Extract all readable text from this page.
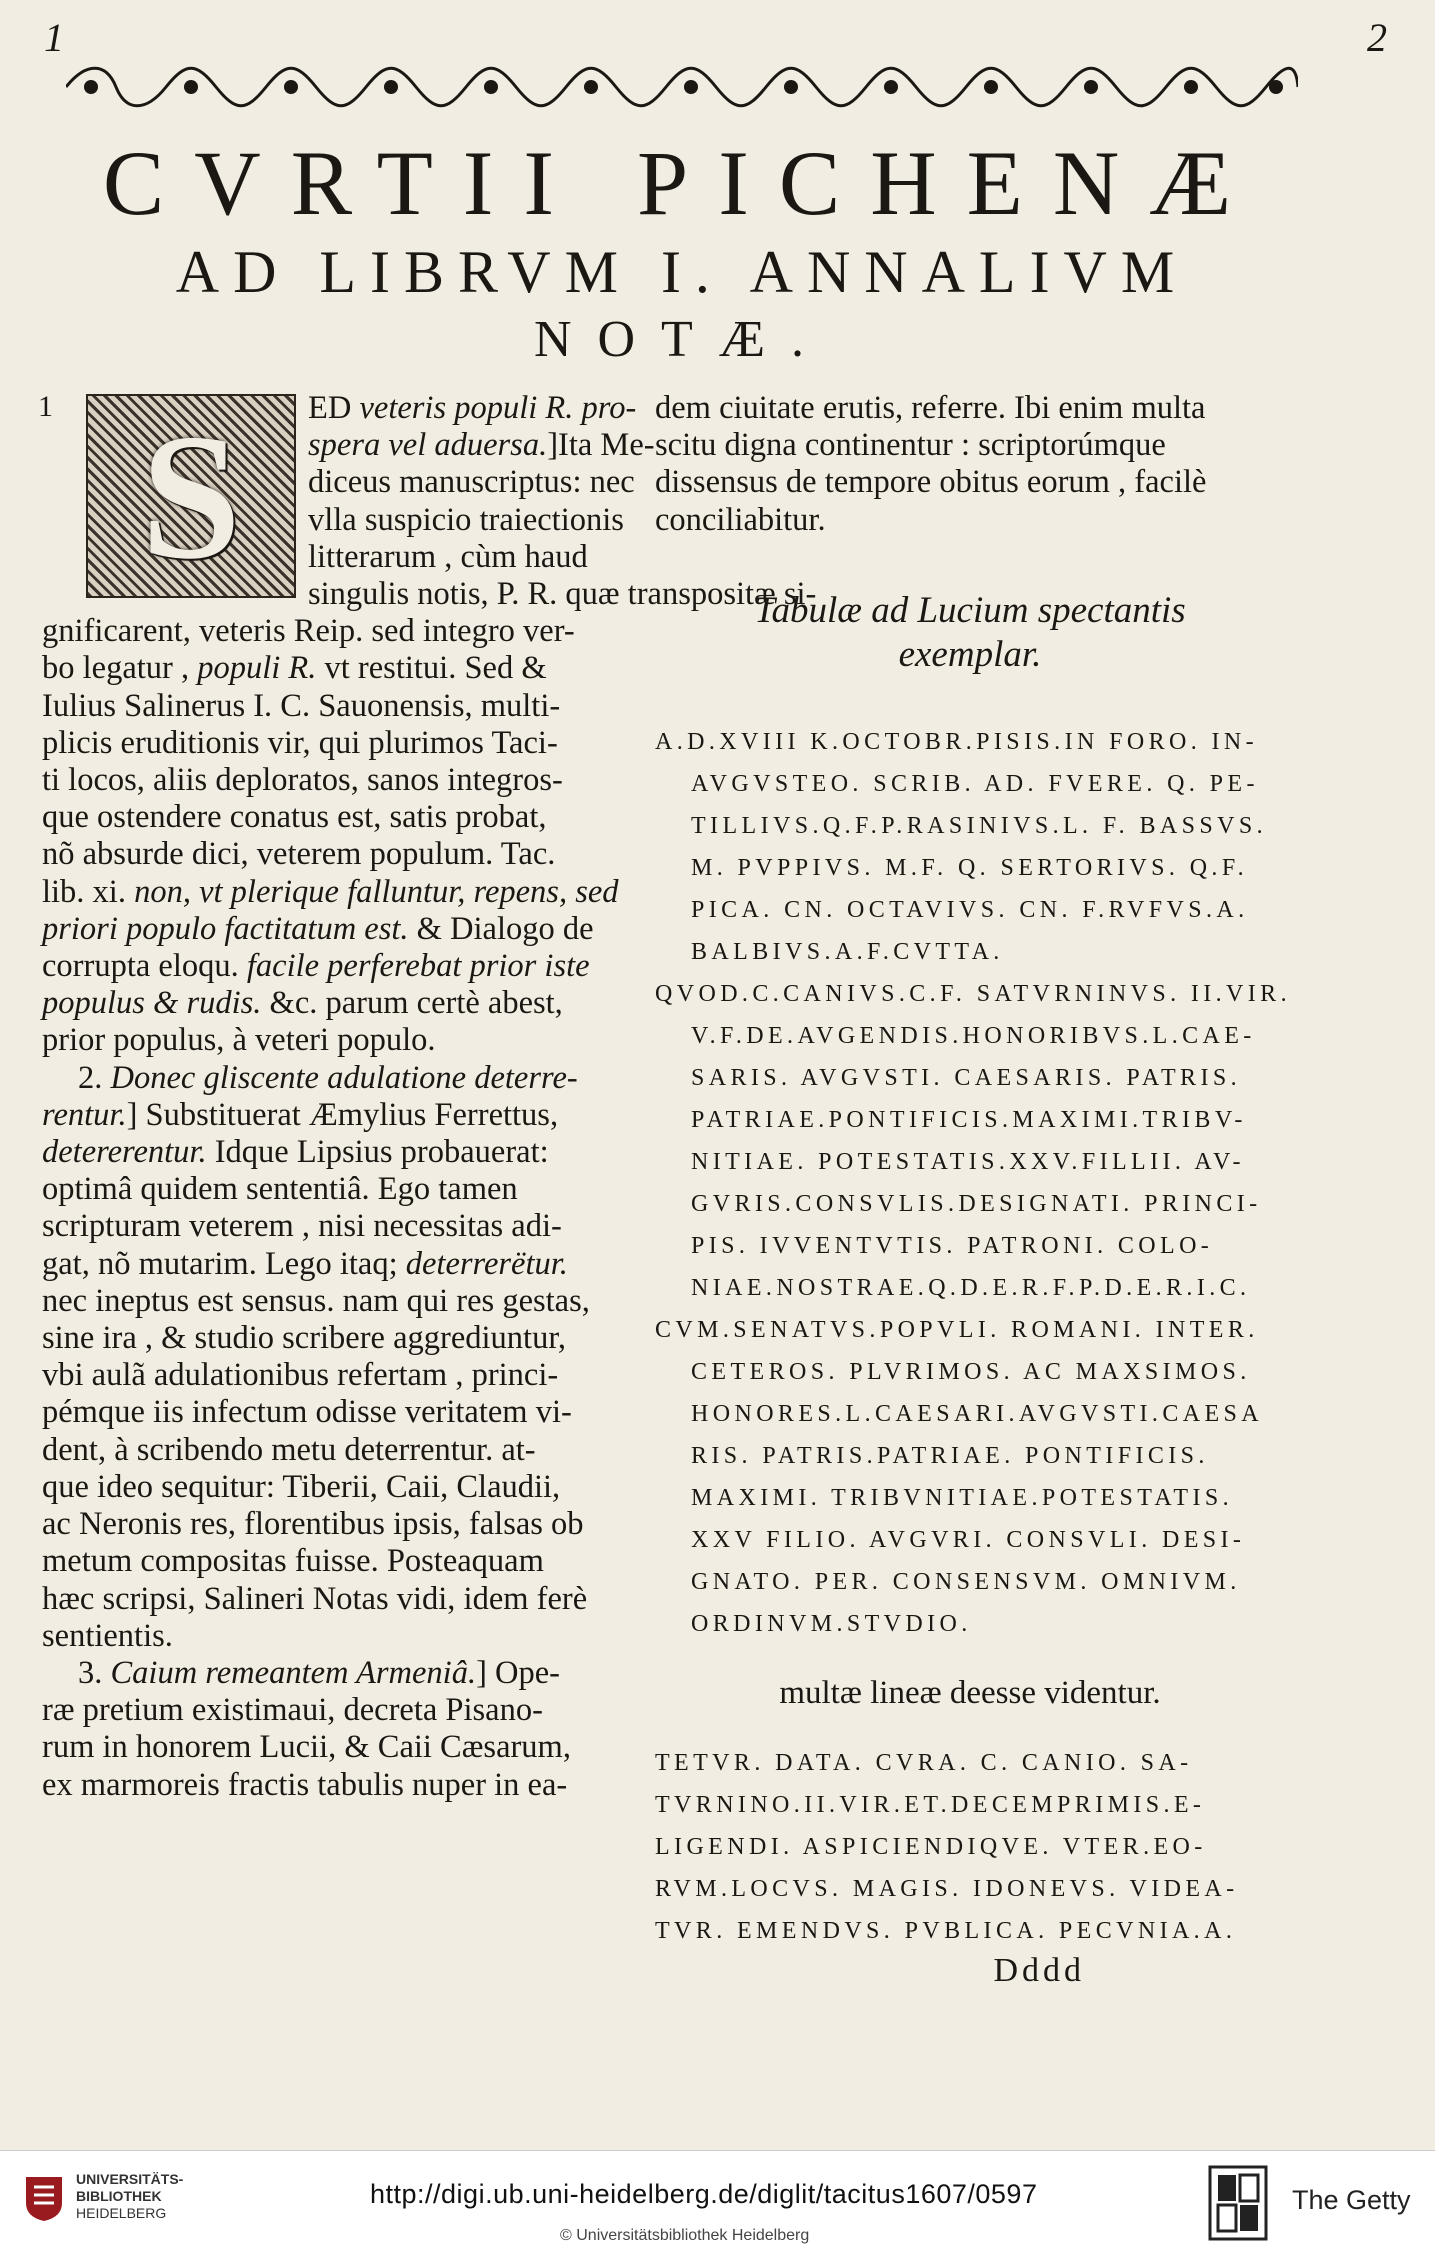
1	2
CVRTII PICHENÆ
AD LIBRVM I. ANNALIVM
NOTÆ.
1 S	ED veteris populi R. pro-
spera vel aduersa.]Ita Me-
diceus manuscriptus: nec
vlla suspicio traiectionis
litterarum , cùm haud
singulis notis, P. R. quæ transpositæ si-
gnificarent, veteris Reip. sed integro ver-
bo legatur , populi R. vt restitui. Sed &
Iulius Salinerus I. C. Sauonensis, multi-
plicis eruditionis vir, qui plurimos Taci-
ti locos, aliis deploratos, sanos integros-
que ostendere conatus est, satis probat,
nõ absurde dici, veterem populum. Tac.
lib. xi. non, vt plerique falluntur, repens, sed
priori populo factitatum est. & Dialogo de
corrupta eloqu. facile perferebat prior iste
populus & rudis. &c. parum certè abest,
prior populus, à veteri populo.
2. Donec gliscente adulatione deterre-
rentur.] Substituerat Æmylius Ferrettus,
detererentur. Idque Lipsius probauerat:
optimâ quidem sententiâ. Ego tamen
scripturam veterem , nisi necessitas adi-
gat, nõ mutarim. Lego itaq; deterrerëtur.
nec ineptus est sensus. nam qui res gestas,
sine ira , & studio scribere aggrediuntur,
vbi aulã adulationibus refertam , princi-
pémque iis infectum odisse veritatem vi-
dent, à scribendo metu deterrentur. at-
que ideo sequitur: Tiberii, Caii, Claudii,
ac Neronis res, florentibus ipsis, falsas ob
metum compositas fuisse. Posteaquam
hæc scripsi, Salineri Notas vidi, idem ferè
sentientis.
3. Caium remeantem Armeniâ.] Ope-
ræ pretium existimaui, decreta Pisano-
rum in honorem Lucii, & Caii Cæsarum,
ex marmoreis fractis tabulis nuper in ea-
dem ciuitate erutis, referre. Ibi enim multa
scitu digna continentur : scriptorúmque
dissensus de tempore obitus eorum , facilè
conciliabitur.
Tabulæ ad Lucium spectantis
exemplar.
A.D.XVIII K.OCTOBR.PISIS.IN FORO. IN-
AVGVSTEO. SCRIB. AD. FVERE. Q. PE-
TILLIVS.Q.F.P.RASINIVS.L. F. BASSVS.
M. PVPPIVS. M.F. Q. SERTORIVS. Q.F.
PICA. CN. OCTAVIVS. CN. F.RVFVS.A.
BALBIVS.A.F.CVTTA.
QVOD.C.CANIVS.C.F. SATVRNINVS. II.VIR.
V.F.DE.AVGENDIS.HONORIBVS.L.CAE-
SARIS. AVGVSTI. CAESARIS. PATRIS.
PATRIAE.PONTIFICIS.MAXIMI.TRIBV-
NITIAE. POTESTATIS.XXV.FILLII. AV-
GVRIS.CONSVLIS.DESIGNATI. PRINCI-
PIS. IVVENTVTIS. PATRONI. COLO-
NIAE.NOSTRAE.Q.D.E.R.F.P.D.E.R.I.C.
CVM.SENATVS.POPVLI. ROMANI. INTER.
CETEROS. PLVRIMOS. AC MAXSIMOS.
HONORES.L.CAESARI.AVGVSTI.CAESA
RIS. PATRIS.PATRIAE. PONTIFICIS.
MAXIMI. TRIBVNITIAE.POTESTATIS.
XXV FILIO. AVGVRI. CONSVLI. DESI-
GNATO. PER. CONSENSVM. OMNIVM.
ORDINVM.STVDIO.
multæ lineæ deesse videntur.
TETVR. DATA. CVRA. C. CANIO. SA-
TVRNINO.II.VIR.ET.DECEMPRIMIS.E-
LIGENDI. ASPICIENDIQVE. VTER.EO-
RVM.LOCVS. MAGIS. IDONEVS. VIDEA-
TVR. EMENDVS. PVBLICA. PECVNIA.A.
Dddd
UNIVERSITÄTS-
BIBLIOTHEK
HEIDELBERG
http://digi.ub.uni-heidelberg.de/diglit/tacitus1607/0597
© Universitätsbibliothek Heidelberg
The Getty
